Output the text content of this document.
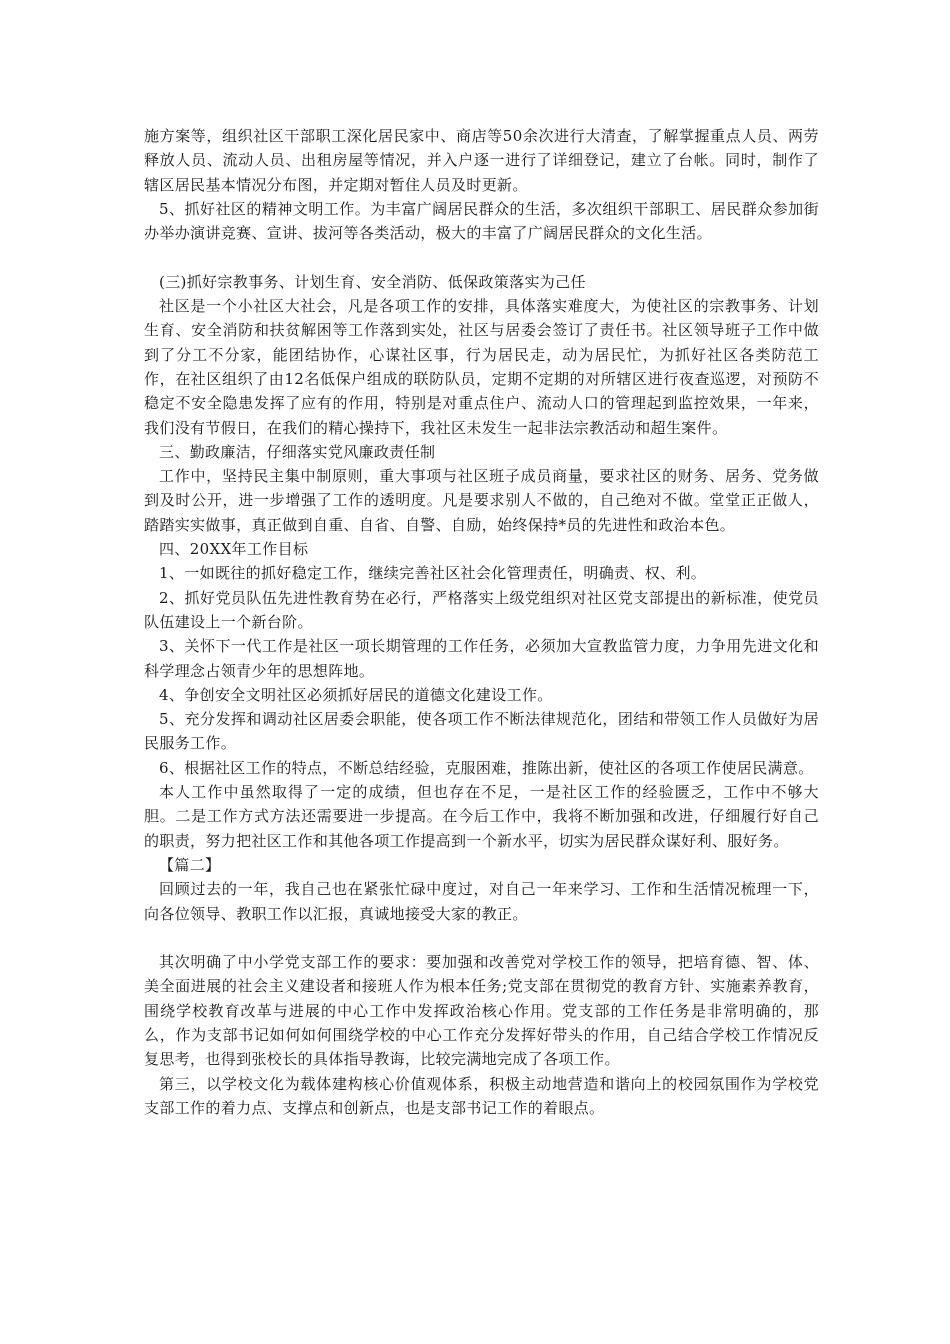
施方案等，组织社区干部职工深化居民家中、商店等50余次进行大清查，了解掌握重点人员、两劳释放人员、流动人员、出租房屋等情况，并入户逐一进行了详细登记，建立了台帐。同时，制作了辖区居民基本情况分布图，并定期对暂住人员及时更新。

5、抓好社区的精神文明工作。为丰富广阔居民群众的生活，多次组织干部职工、居民群众参加街办举办演讲竞赛、宣讲、拔河等各类活动，极大的丰富了广阔居民群众的文化生活。

(三)抓好宗教事务、计划生育、安全消防、低保政策落实为己任

社区是一个小社区大社会，凡是各项工作的安排，具体落实难度大，为使社区的宗教事务、计划生育、安全消防和扶贫解困等工作落到实处，社区与居委会签订了责任书。社区领导班子工作中做到了分工不分家，能团结协作，心谋社区事，行为居民走，动为居民忙，为抓好社区各类防范工作，在社区组织了由12名低保户组成的联防队员，定期不定期的对所辖区进行夜查巡逻，对预防不稳定不安全隐患发挥了应有的作用，特别是对重点住户、流动人口的管理起到监控效果，一年来，我们没有节假日，在我们的精心操持下，我社区未发生一起非法宗教活动和超生案件。

三、勤政廉洁，仔细落实党风廉政责任制

工作中，坚持民主集中制原则，重大事项与社区班子成员商量，要求社区的财务、居务、党务做到及时公开，进一步增强了工作的透明度。凡是要求别人不做的，自己绝对不做。堂堂正正做人，踏踏实实做事，真正做到自重、自省、自警、自励，始终保持*员的先进性和政治本色。

四、20XX年工作目标

1、一如既往的抓好稳定工作，继续完善社区社会化管理责任，明确责、权、利。

2、抓好党员队伍先进性教育势在必行，严格落实上级党组织对社区党支部提出的新标准，使党员队伍建设上一个新台阶。

3、关怀下一代工作是社区一项长期管理的工作任务，必须加大宣教监管力度，力争用先进文化和科学理念占领青少年的思想阵地。

4、争创安全文明社区必须抓好居民的道德文化建设工作。

5、充分发挥和调动社区居委会职能，使各项工作不断法律规范化，团结和带领工作人员做好为居民服务工作。

6、根据社区工作的特点，不断总结经验，克服困难，推陈出新，使社区的各项工作使居民满意。

本人工作中虽然取得了一定的成绩，但也存在不足，一是社区工作的经验匮乏，工作中不够大胆。二是工作方式方法还需要进一步提高。在今后工作中，我将不断加强和改进，仔细履行好自己的职责，努力把社区工作和其他各项工作提高到一个新水平，切实为居民群众谋好利、服好务。

【篇二】

回顾过去的一年，我自己也在紧张忙碌中度过，对自己一年来学习、工作和生活情况梳理一下，向各位领导、教职工作以汇报，真诚地接受大家的教正。

其次明确了中小学党支部工作的要求：要加强和改善党对学校工作的领导，把培育德、智、体、美全面进展的社会主义建设者和接班人作为根本任务;党支部在贯彻党的教育方针、实施素养教育，围绕学校教育改革与进展的中心工作中发挥政治核心作用。党支部的工作任务是非常明确的，那么，作为支部书记如何如何围绕学校的中心工作充分发挥好带头的作用，自己结合学校工作情况反复思考，也得到张校长的具体指导教诲，比较完满地完成了各项工作。

第三，以学校文化为载体建构核心价值观体系，积极主动地营造和谐向上的校园氛围作为学校党支部工作的着力点、支撑点和创新点，也是支部书记工作的着眼点。
